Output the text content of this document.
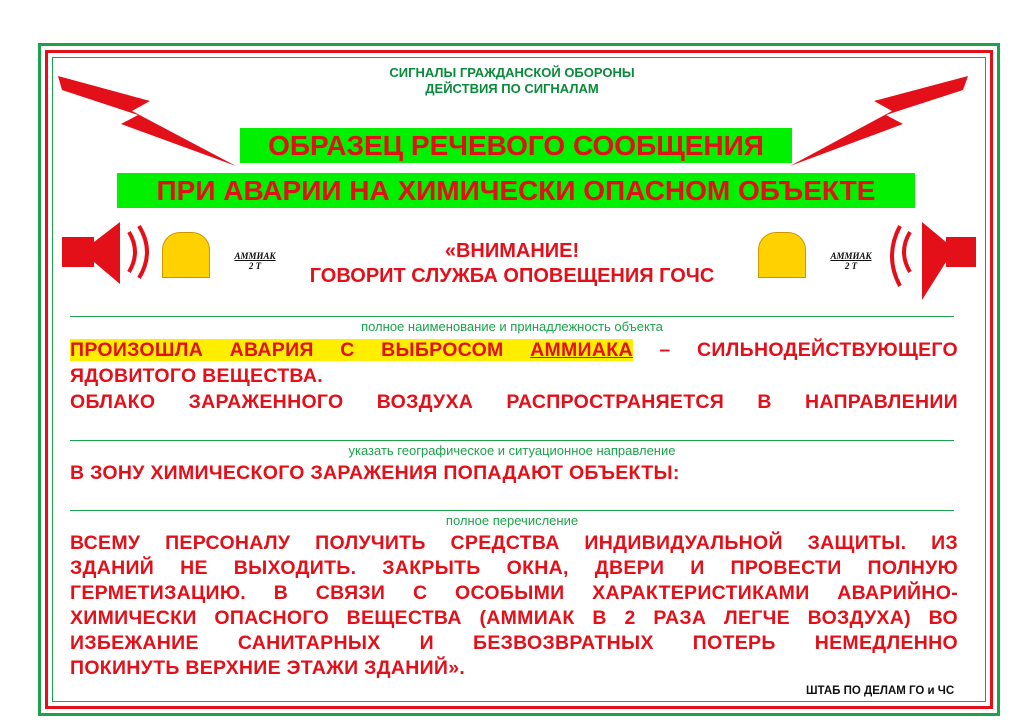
СИГНАЛЫ ГРАЖДАНСКОЙ ОБОРОНЫ
ДЕЙСТВИЯ ПО СИГНАЛАМ
ОБРАЗЕЦ РЕЧЕВОГО СООБЩЕНИЯ
ПРИ АВАРИИ НА ХИМИЧЕСКИ ОПАСНОМ ОБЪЕКТЕ
АММИАК
2 Т
АММИАК
2 Т
«ВНИМАНИЕ!
ГОВОРИТ СЛУЖБА ОПОВЕЩЕНИЯ ГОЧС
полное наименование и принадлежность объекта
ПРОИЗОШЛА АВАРИЯ С ВЫБРОСОМ АММИАКА – СИЛЬНОДЕЙСТВУЮЩЕГО
ЯДОВИТОГО ВЕЩЕСТВА.
ОБЛАКО ЗАРАЖЕННОГО ВОЗДУХА РАСПРОСТРАНЯЕТСЯ В НАПРАВЛЕНИИ
указать географическое и ситуационное направление
В ЗОНУ ХИМИЧЕСКОГО ЗАРАЖЕНИЯ ПОПАДАЮТ ОБЪЕКТЫ:
полное перечисление
ВСЕМУ ПЕРСОНАЛУ ПОЛУЧИТЬ СРЕДСТВА ИНДИВИДУАЛЬНОЙ ЗАЩИТЫ. ИЗ
ЗДАНИЙ НЕ ВЫХОДИТЬ. ЗАКРЫТЬ ОКНА, ДВЕРИ И ПРОВЕСТИ ПОЛНУЮ
ГЕРМЕТИЗАЦИЮ. В СВЯЗИ С ОСОБЫМИ ХАРАКТЕРИСТИКАМИ АВАРИЙНО-
ХИМИЧЕСКИ ОПАСНОГО ВЕЩЕСТВА (АММИАК В 2 РАЗА ЛЕГЧЕ ВОЗДУХА) ВО
ИЗБЕЖАНИЕ САНИТАРНЫХ И БЕЗВОЗВРАТНЫХ ПОТЕРЬ НЕМЕДЛЕННО
ПОКИНУТЬ ВЕРХНИЕ ЭТАЖИ ЗДАНИЙ».
ШТАБ ПО ДЕЛАМ ГО и ЧС
